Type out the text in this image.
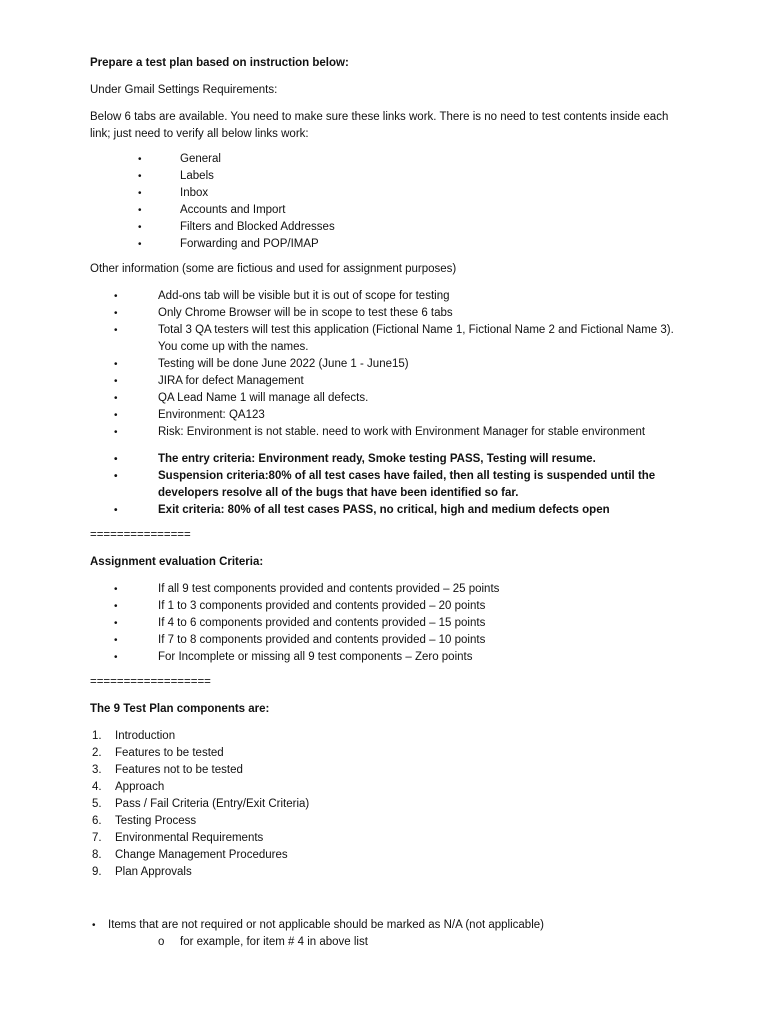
Prepare a test plan based on instruction below:

Under Gmail Settings Requirements:

Below 6 tabs are available. You need to make sure these links work. There is no need to test contents inside each link; just need to verify all below links work:

•	General
•	Labels
•	Inbox
•	Accounts and Import
•	Filters and Blocked Addresses
•	Forwarding and POP/IMAP

Other information (some are fictious and used for assignment purposes)

•	Add-ons tab will be visible but it is out of scope for testing
•	Only Chrome Browser will be in scope to test these 6 tabs
•	Total 3 QA testers will test this application (Fictional Name 1, Fictional Name 2 and Fictional Name 3). You come up with the names.
•	Testing will be done June 2022 (June 1 - June15)
•	JIRA for defect Management
•	QA Lead Name 1 will manage all defects.
•	Environment: QA123
•	Risk: Environment is not stable. need to work with Environment Manager for stable environment
•	The entry criteria: Environment ready, Smoke testing PASS, Testing will resume.
•	Suspension criteria:80% of all test cases have failed, then all testing is suspended until the developers resolve all of the bugs that have been identified so far.
•	Exit criteria: 80% of all test cases PASS, no critical, high and medium defects open

===============

Assignment evaluation Criteria:

•	If all 9 test components provided and contents provided – 25 points
•	If 1 to 3 components provided and contents provided – 20 points
•	If 4 to 6 components provided and contents provided – 15 points
•	If 7 to 8 components provided and contents provided – 10 points
•	For Incomplete or missing all 9 test components – Zero points

==================

The 9 Test Plan components are:

1. Introduction
2. Features to be tested
3. Features not to be tested
4. Approach
5. Pass / Fail Criteria (Entry/Exit Criteria)
6. Testing Process
7. Environmental Requirements
8. Change Management Procedures
9. Plan Approvals
• Items that are not required or not applicable should be marked as N/A (not applicable)

o for example, for item # 4 in above list
